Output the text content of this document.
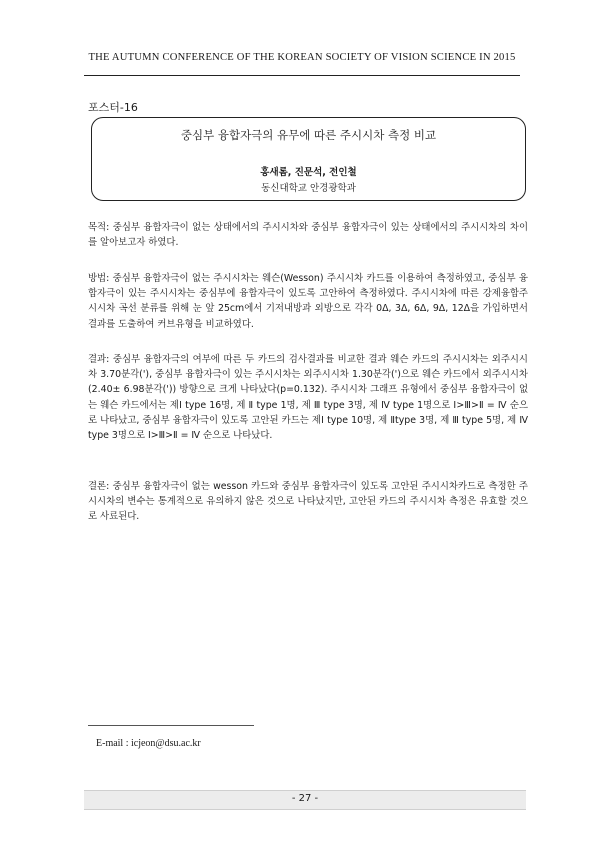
THE AUTUMN CONFERENCE OF THE KOREAN SOCIETY OF VISION SCIENCE IN 2015
포스터-16
중심부 융합자극의 유무에 따른 주시시차 측정 비교
홍새롬, 진문석, 전인철
동신대학교 안경광학과

목적: 중심부 융합자극이 없는 상태에서의 주시시차와 중심부 융합자극이 있는 상태에서의 주시시차의 차이를 알아보고자 하였다.

방법: 중심부 융합자극이 없는 주시시차는 웨슨(Wesson) 주시시차 카드를 이용하여 측정하였고, 중심부 융합자극이 있는 주시시차는 중심부에 융합자극이 있도록 고안하여 측정하였다. 주시시차에 따른 강제융합주시시차 곡선 분류를 위해 눈 앞 25cm에서 기저내방과 외방으로 각각 0Δ, 3Δ, 6Δ, 9Δ, 12Δ을 가입하면서 결과를 도출하여 커브유형을 비교하였다.

결과: 중심부 융합자극의 여부에 따른 두 카드의 검사결과를 비교한 결과 웨슨 카드의 주시시차는 외주시시차 3.70분각('), 중심부 융합자극이 있는 주시시차는 외주시시차 1.30분각(')으로 웨슨 카드에서 외주시시차(2.40± 6.98분각(')) 방향으로 크게 나타났다(p=0.132). 주시시차 그래프 유형에서 중심부 융합자극이 없는 웨슨 카드에서는 제Ⅰ type 16명, 제 Ⅱ type 1명, 제 Ⅲ type 3명, 제 Ⅳ type 1명으로 Ⅰ>Ⅲ>Ⅱ = Ⅳ 순으로 나타났고, 중심부 융합자극이 있도록 고안된 카드는 제Ⅰ type 10명, 제 Ⅱtype 3명, 제 Ⅲ type 5명, 제 Ⅳ type 3명으로 Ⅰ>Ⅲ>Ⅱ = Ⅳ 순으로 나타났다.

결론: 중심부 융합자극이 없는 wesson 카드와 중심부 융합자극이 있도록 고안된 주시시차카드로 측정한 주시시차의 변수는 통계적으로 유의하지 않은 것으로 나타났지만, 고안된 카드의 주시시차 측정은 유효할 것으로 사료된다.

E-mail : icjeon@dsu.ac.kr
- 27 -
